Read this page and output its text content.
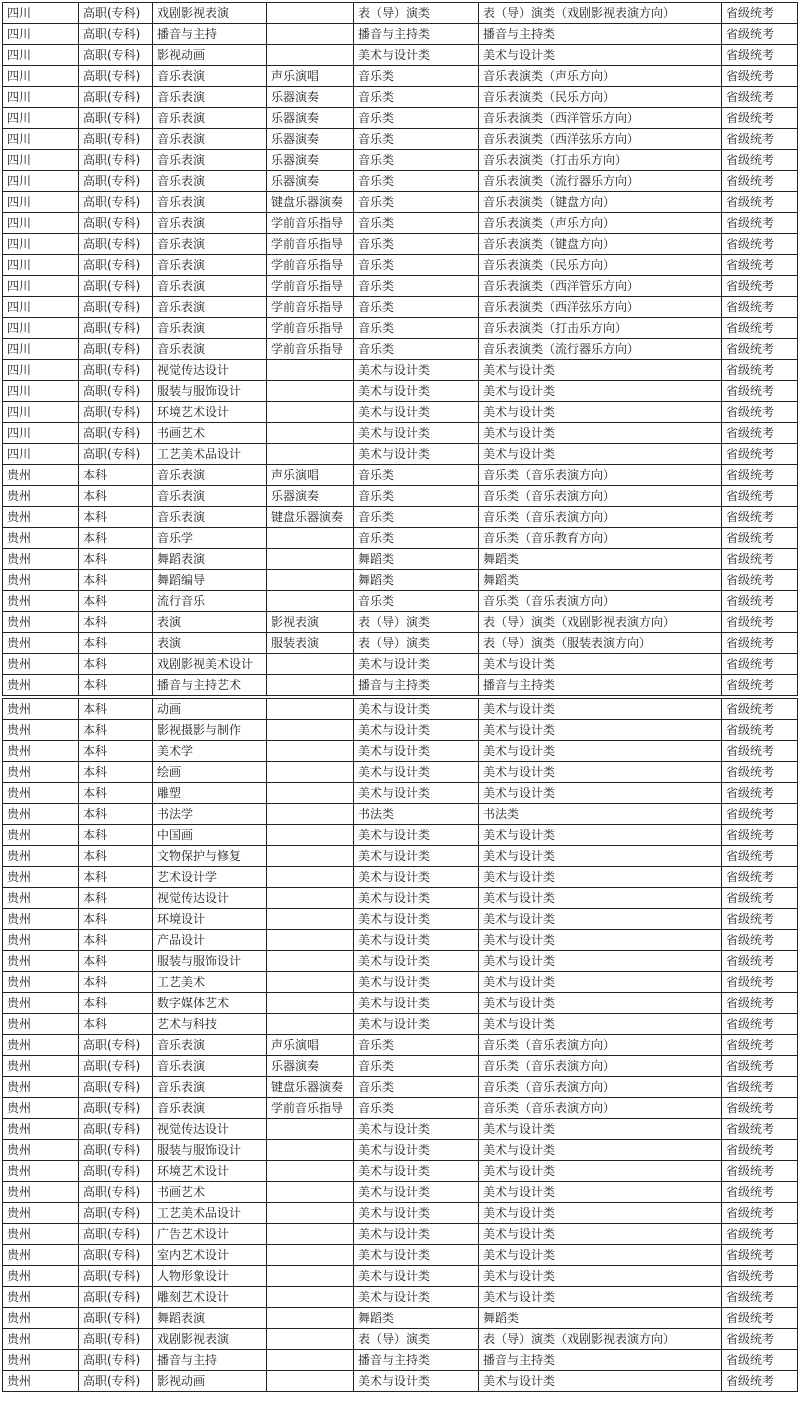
四川	高职(专科)	戏剧影视表演		表（导）演类	表（导）演类（戏剧影视表演方向）	省级统考
四川	高职(专科)	播音与主持		播音与主持类	播音与主持类	省级统考
四川	高职(专科)	影视动画		美术与设计类	美术与设计类	省级统考
四川	高职(专科)	音乐表演	声乐演唱	音乐类	音乐表演类（声乐方向）	省级统考
四川	高职(专科)	音乐表演	乐器演奏	音乐类	音乐表演类（民乐方向）	省级统考
四川	高职(专科)	音乐表演	乐器演奏	音乐类	音乐表演类（西洋管乐方向）	省级统考
四川	高职(专科)	音乐表演	乐器演奏	音乐类	音乐表演类（西洋弦乐方向）	省级统考
四川	高职(专科)	音乐表演	乐器演奏	音乐类	音乐表演类（打击乐方向）	省级统考
四川	高职(专科)	音乐表演	乐器演奏	音乐类	音乐表演类（流行器乐方向）	省级统考
四川	高职(专科)	音乐表演	键盘乐器演奏	音乐类	音乐表演类（键盘方向）	省级统考
四川	高职(专科)	音乐表演	学前音乐指导	音乐类	音乐表演类（声乐方向）	省级统考
四川	高职(专科)	音乐表演	学前音乐指导	音乐类	音乐表演类（键盘方向）	省级统考
四川	高职(专科)	音乐表演	学前音乐指导	音乐类	音乐表演类（民乐方向）	省级统考
四川	高职(专科)	音乐表演	学前音乐指导	音乐类	音乐表演类（西洋管乐方向）	省级统考
四川	高职(专科)	音乐表演	学前音乐指导	音乐类	音乐表演类（西洋弦乐方向）	省级统考
四川	高职(专科)	音乐表演	学前音乐指导	音乐类	音乐表演类（打击乐方向）	省级统考
四川	高职(专科)	音乐表演	学前音乐指导	音乐类	音乐表演类（流行器乐方向）	省级统考
四川	高职(专科)	视觉传达设计		美术与设计类	美术与设计类	省级统考
四川	高职(专科)	服装与服饰设计		美术与设计类	美术与设计类	省级统考
四川	高职(专科)	环境艺术设计		美术与设计类	美术与设计类	省级统考
四川	高职(专科)	书画艺术		美术与设计类	美术与设计类	省级统考
四川	高职(专科)	工艺美术品设计		美术与设计类	美术与设计类	省级统考
贵州	本科	音乐表演	声乐演唱	音乐类	音乐类（音乐表演方向）	省级统考
贵州	本科	音乐表演	乐器演奏	音乐类	音乐类（音乐表演方向）	省级统考
贵州	本科	音乐表演	键盘乐器演奏	音乐类	音乐类（音乐表演方向）	省级统考
贵州	本科	音乐学		音乐类	音乐类（音乐教育方向）	省级统考
贵州	本科	舞蹈表演		舞蹈类	舞蹈类	省级统考
贵州	本科	舞蹈编导		舞蹈类	舞蹈类	省级统考
贵州	本科	流行音乐		音乐类	音乐类（音乐表演方向）	省级统考
贵州	本科	表演	影视表演	表（导）演类	表（导）演类（戏剧影视表演方向）	省级统考
贵州	本科	表演	服装表演	表（导）演类	表（导）演类（服装表演方向）	省级统考
贵州	本科	戏剧影视美术设计		美术与设计类	美术与设计类	省级统考
贵州	本科	播音与主持艺术		播音与主持类	播音与主持类	省级统考

贵州	本科	动画		美术与设计类	美术与设计类	省级统考
贵州	本科	影视摄影与制作		美术与设计类	美术与设计类	省级统考
贵州	本科	美术学		美术与设计类	美术与设计类	省级统考
贵州	本科	绘画		美术与设计类	美术与设计类	省级统考
贵州	本科	雕塑		美术与设计类	美术与设计类	省级统考
贵州	本科	书法学		书法类	书法类	省级统考
贵州	本科	中国画		美术与设计类	美术与设计类	省级统考
贵州	本科	文物保护与修复		美术与设计类	美术与设计类	省级统考
贵州	本科	艺术设计学		美术与设计类	美术与设计类	省级统考
贵州	本科	视觉传达设计		美术与设计类	美术与设计类	省级统考
贵州	本科	环境设计		美术与设计类	美术与设计类	省级统考
贵州	本科	产品设计		美术与设计类	美术与设计类	省级统考
贵州	本科	服装与服饰设计		美术与设计类	美术与设计类	省级统考
贵州	本科	工艺美术		美术与设计类	美术与设计类	省级统考
贵州	本科	数字媒体艺术		美术与设计类	美术与设计类	省级统考
贵州	本科	艺术与科技		美术与设计类	美术与设计类	省级统考
贵州	高职(专科)	音乐表演	声乐演唱	音乐类	音乐类（音乐表演方向）	省级统考
贵州	高职(专科)	音乐表演	乐器演奏	音乐类	音乐类（音乐表演方向）	省级统考
贵州	高职(专科)	音乐表演	键盘乐器演奏	音乐类	音乐类（音乐表演方向）	省级统考
贵州	高职(专科)	音乐表演	学前音乐指导	音乐类	音乐类（音乐表演方向）	省级统考
贵州	高职(专科)	视觉传达设计		美术与设计类	美术与设计类	省级统考
贵州	高职(专科)	服装与服饰设计		美术与设计类	美术与设计类	省级统考
贵州	高职(专科)	环境艺术设计		美术与设计类	美术与设计类	省级统考
贵州	高职(专科)	书画艺术		美术与设计类	美术与设计类	省级统考
贵州	高职(专科)	工艺美术品设计		美术与设计类	美术与设计类	省级统考
贵州	高职(专科)	广告艺术设计		美术与设计类	美术与设计类	省级统考
贵州	高职(专科)	室内艺术设计		美术与设计类	美术与设计类	省级统考
贵州	高职(专科)	人物形象设计		美术与设计类	美术与设计类	省级统考
贵州	高职(专科)	雕刻艺术设计		美术与设计类	美术与设计类	省级统考
贵州	高职(专科)	舞蹈表演		舞蹈类	舞蹈类	省级统考
贵州	高职(专科)	戏剧影视表演		表（导）演类	表（导）演类（戏剧影视表演方向）	省级统考
贵州	高职(专科)	播音与主持		播音与主持类	播音与主持类	省级统考
贵州	高职(专科)	影视动画		美术与设计类	美术与设计类	省级统考
